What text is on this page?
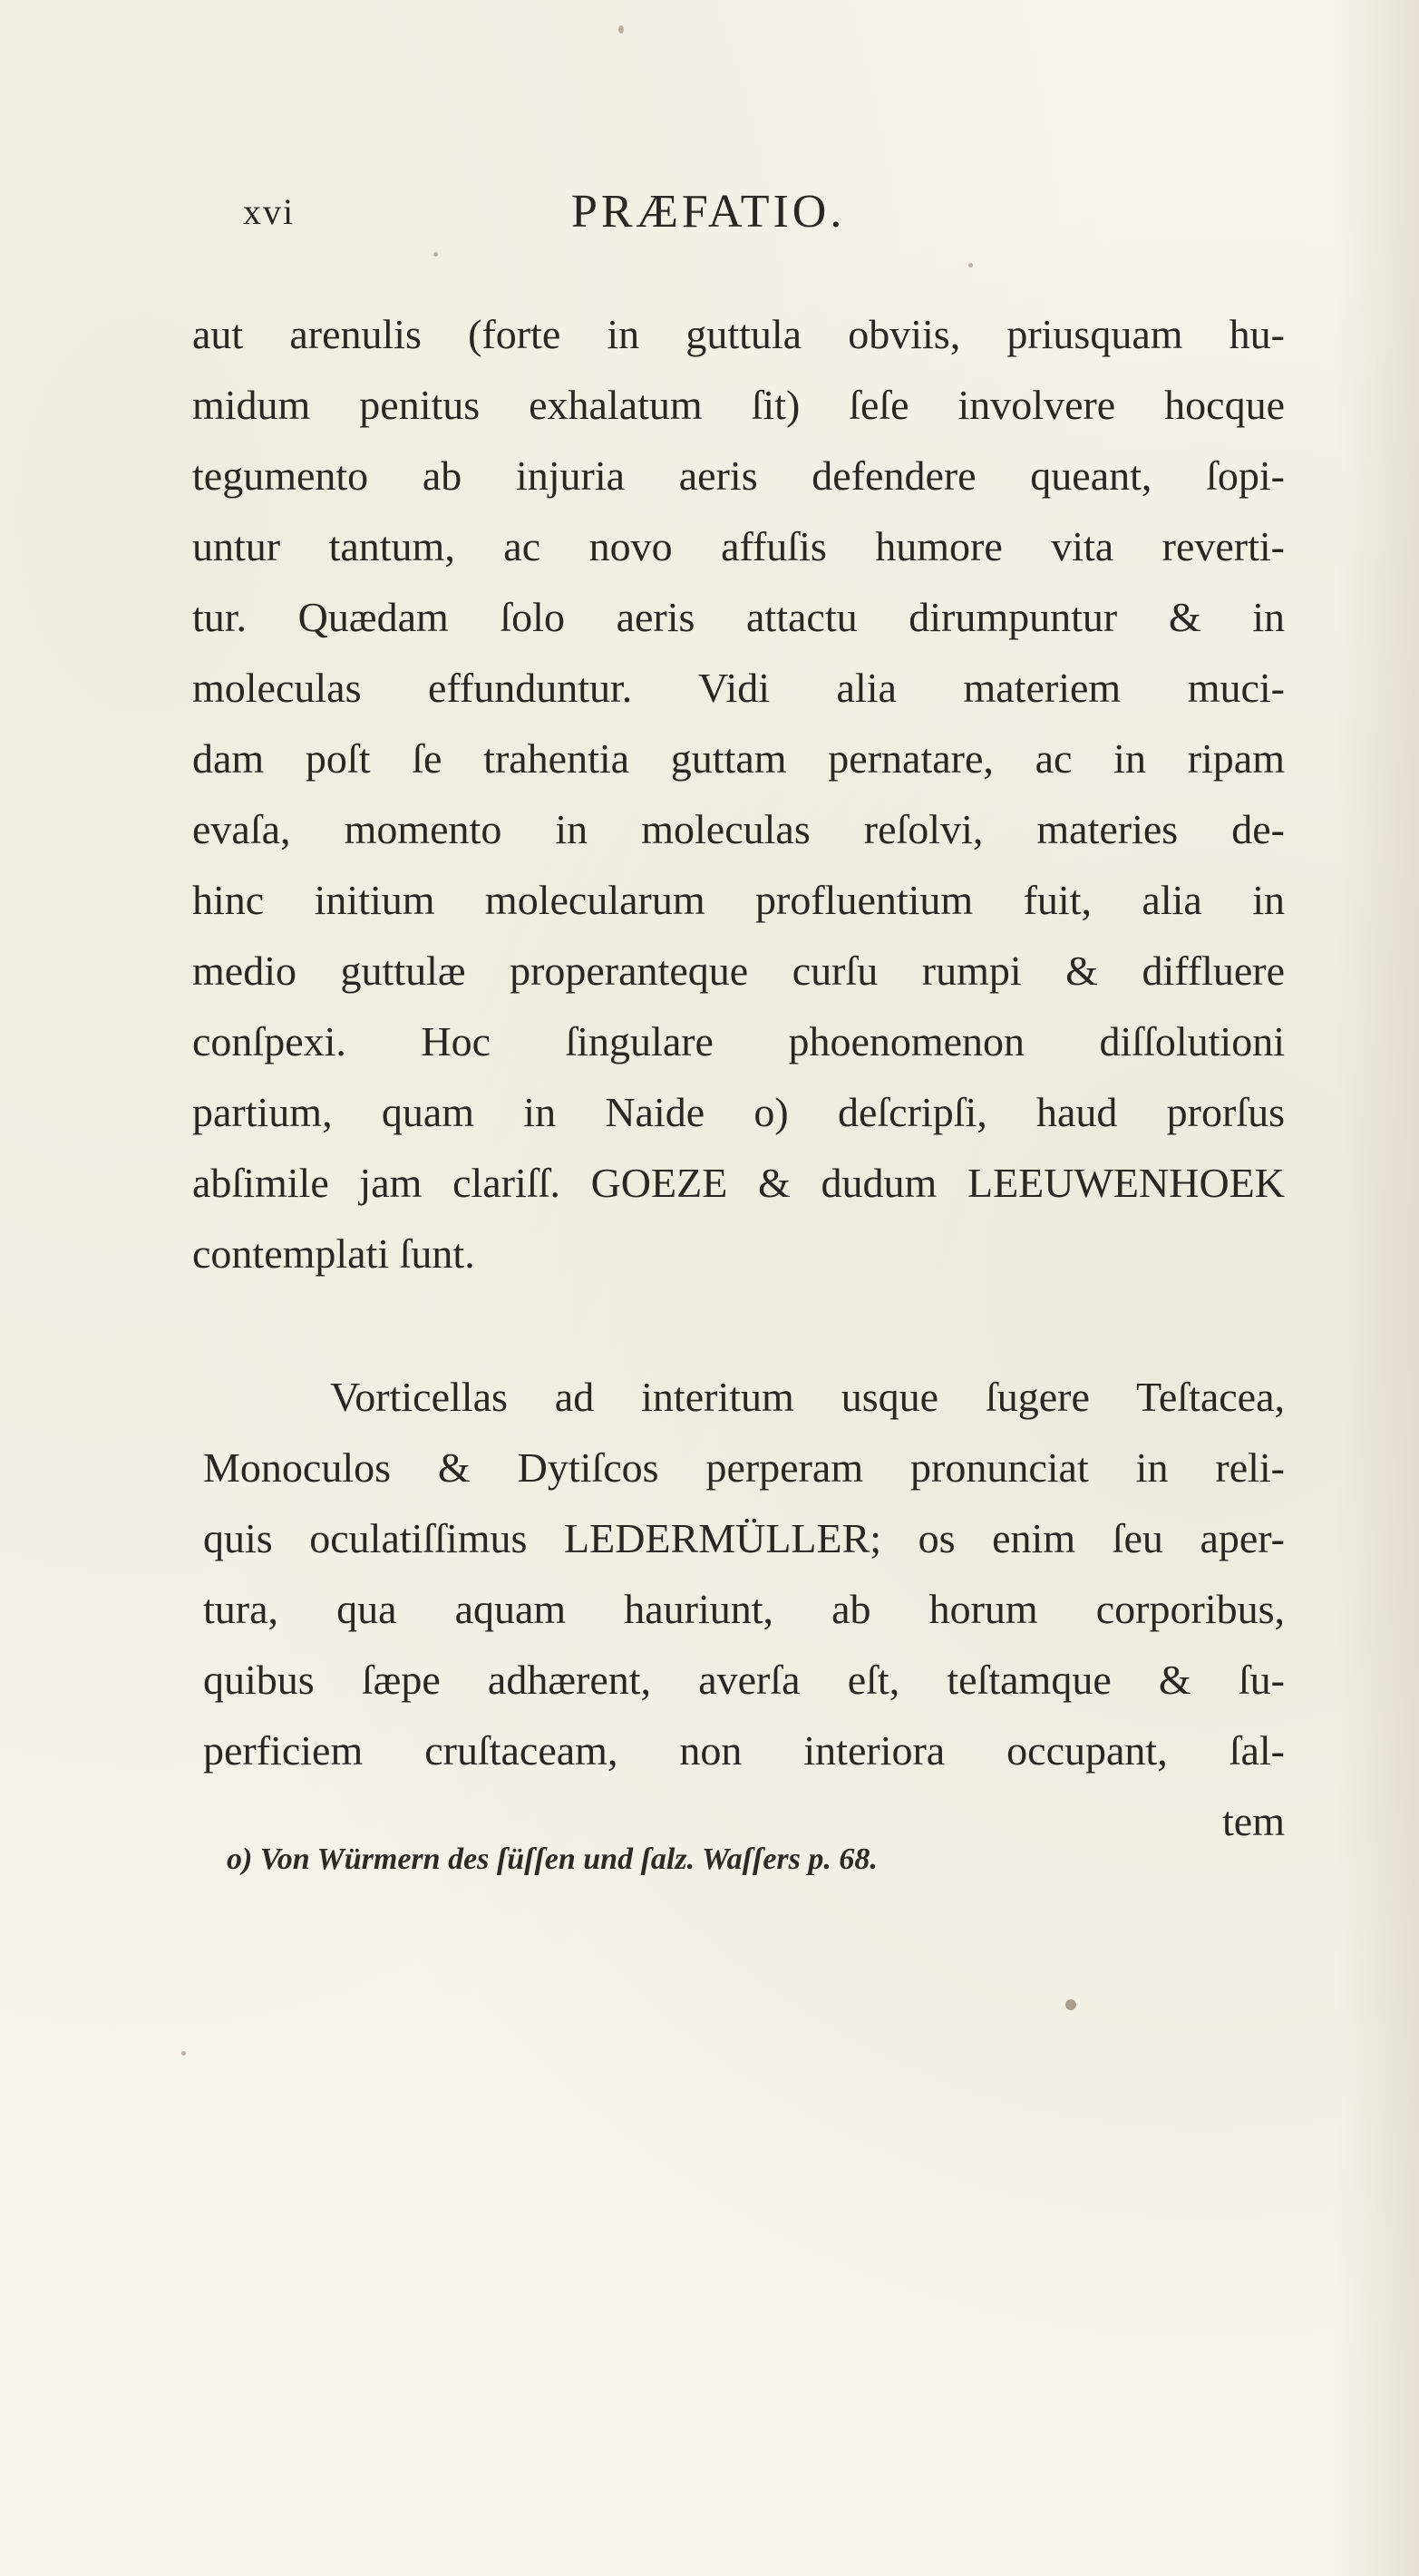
xvi	PRÆFATIO.
aut arenulis (forte in guttula obviis, priusquam hu-
midum penitus exhalatum ſit) ſeſe involvere hocque
tegumento ab injuria aeris defendere queant, ſopi-
untur tantum, ac novo affuſis humore vita reverti-
tur. Quædam ſolo aeris attactu dirumpuntur & in
moleculas effunduntur. Vidi alia materiem muci-
dam poſt ſe trahentia guttam pernatare, ac in ripam
evaſa, momento in moleculas reſolvi, materies de-
hinc initium molecularum profluentium fuit, alia in
medio guttulæ properanteque curſu rumpi & diffluere
conſpexi. Hoc ſingulare phoenomenon diſſolutioni
partium, quam in Naide o) deſcripſi, haud prorſus
abſimile jam clariſſ. GOEZE & dudum LEEUWENHOEK
contemplati ſunt.
Vorticellas ad interitum usque ſugere Teſtacea,
Monoculos & Dytiſcos perperam pronunciat in reli-
quis oculatiſſimus LEDERMÜLLER; os enim ſeu aper-
tura, qua aquam hauriunt, ab horum corporibus,
quibus ſæpe adhærent, averſa eſt, teſtamque & ſu-
perficiem cruſtaceam, non interiora occupant, ſal-
tem
o) Von Würmern des ſüſſen und ſalz. Waſſers p. 68.
